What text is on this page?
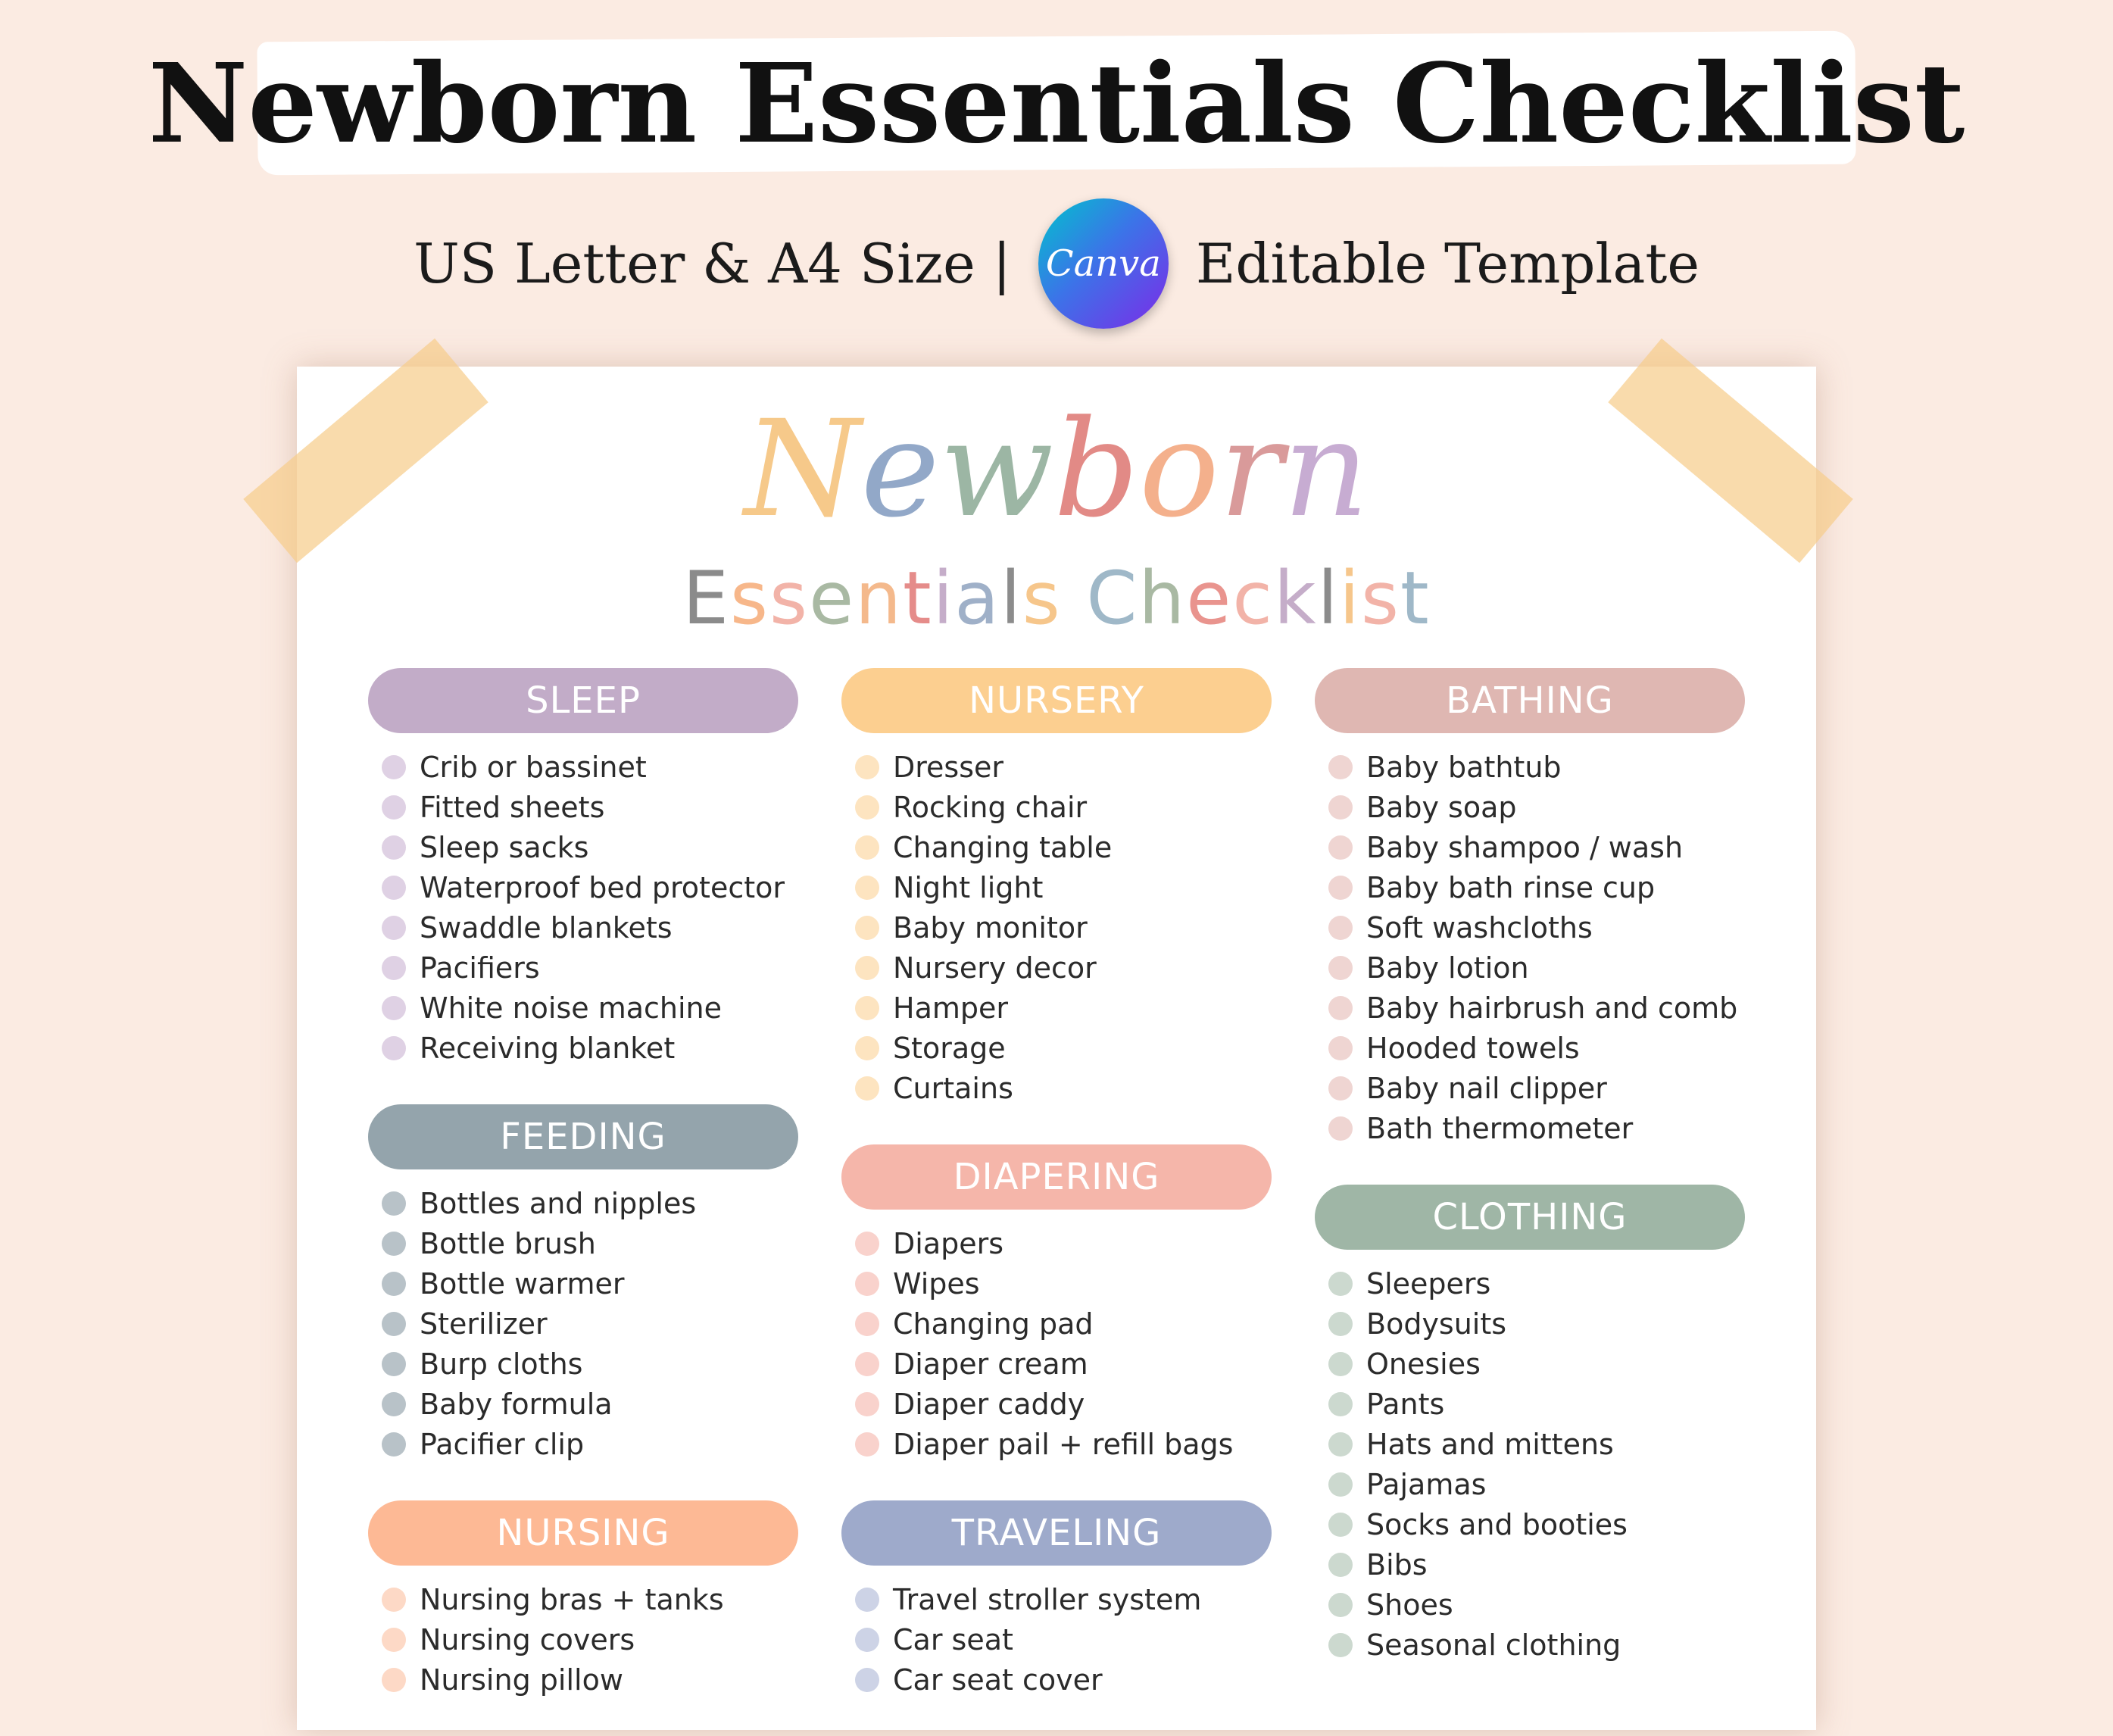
Newborn Essentials Checklist
US Letter & A4 Size | Canva Editable Template
Newborn
Essentials Checklist
SLEEP
Crib or bassinet
Fitted sheets
Sleep sacks
Waterproof bed protector
Swaddle blankets
Pacifiers
White noise machine
Receiving blanket
FEEDING
Bottles and nipples
Bottle brush
Bottle warmer
Sterilizer
Burp cloths
Baby formula
Pacifier clip
NURSING
Nursing bras + tanks
Nursing covers
Nursing pillow
NURSERY
Dresser
Rocking chair
Changing table
Night light
Baby monitor
Nursery decor
Hamper
Storage
Curtains
DIAPERING
Diapers
Wipes
Changing pad
Diaper cream
Diaper caddy
Diaper pail + refill bags
TRAVELING
Travel stroller system
Car seat
Car seat cover
BATHING
Baby bathtub
Baby soap
Baby shampoo / wash
Baby bath rinse cup
Soft washcloths
Baby lotion
Baby hairbrush and comb
Hooded towels
Baby nail clipper
Bath thermometer
CLOTHING
Sleepers
Bodysuits
Onesies
Pants
Hats and mittens
Pajamas
Socks and booties
Bibs
Shoes
Seasonal clothing
